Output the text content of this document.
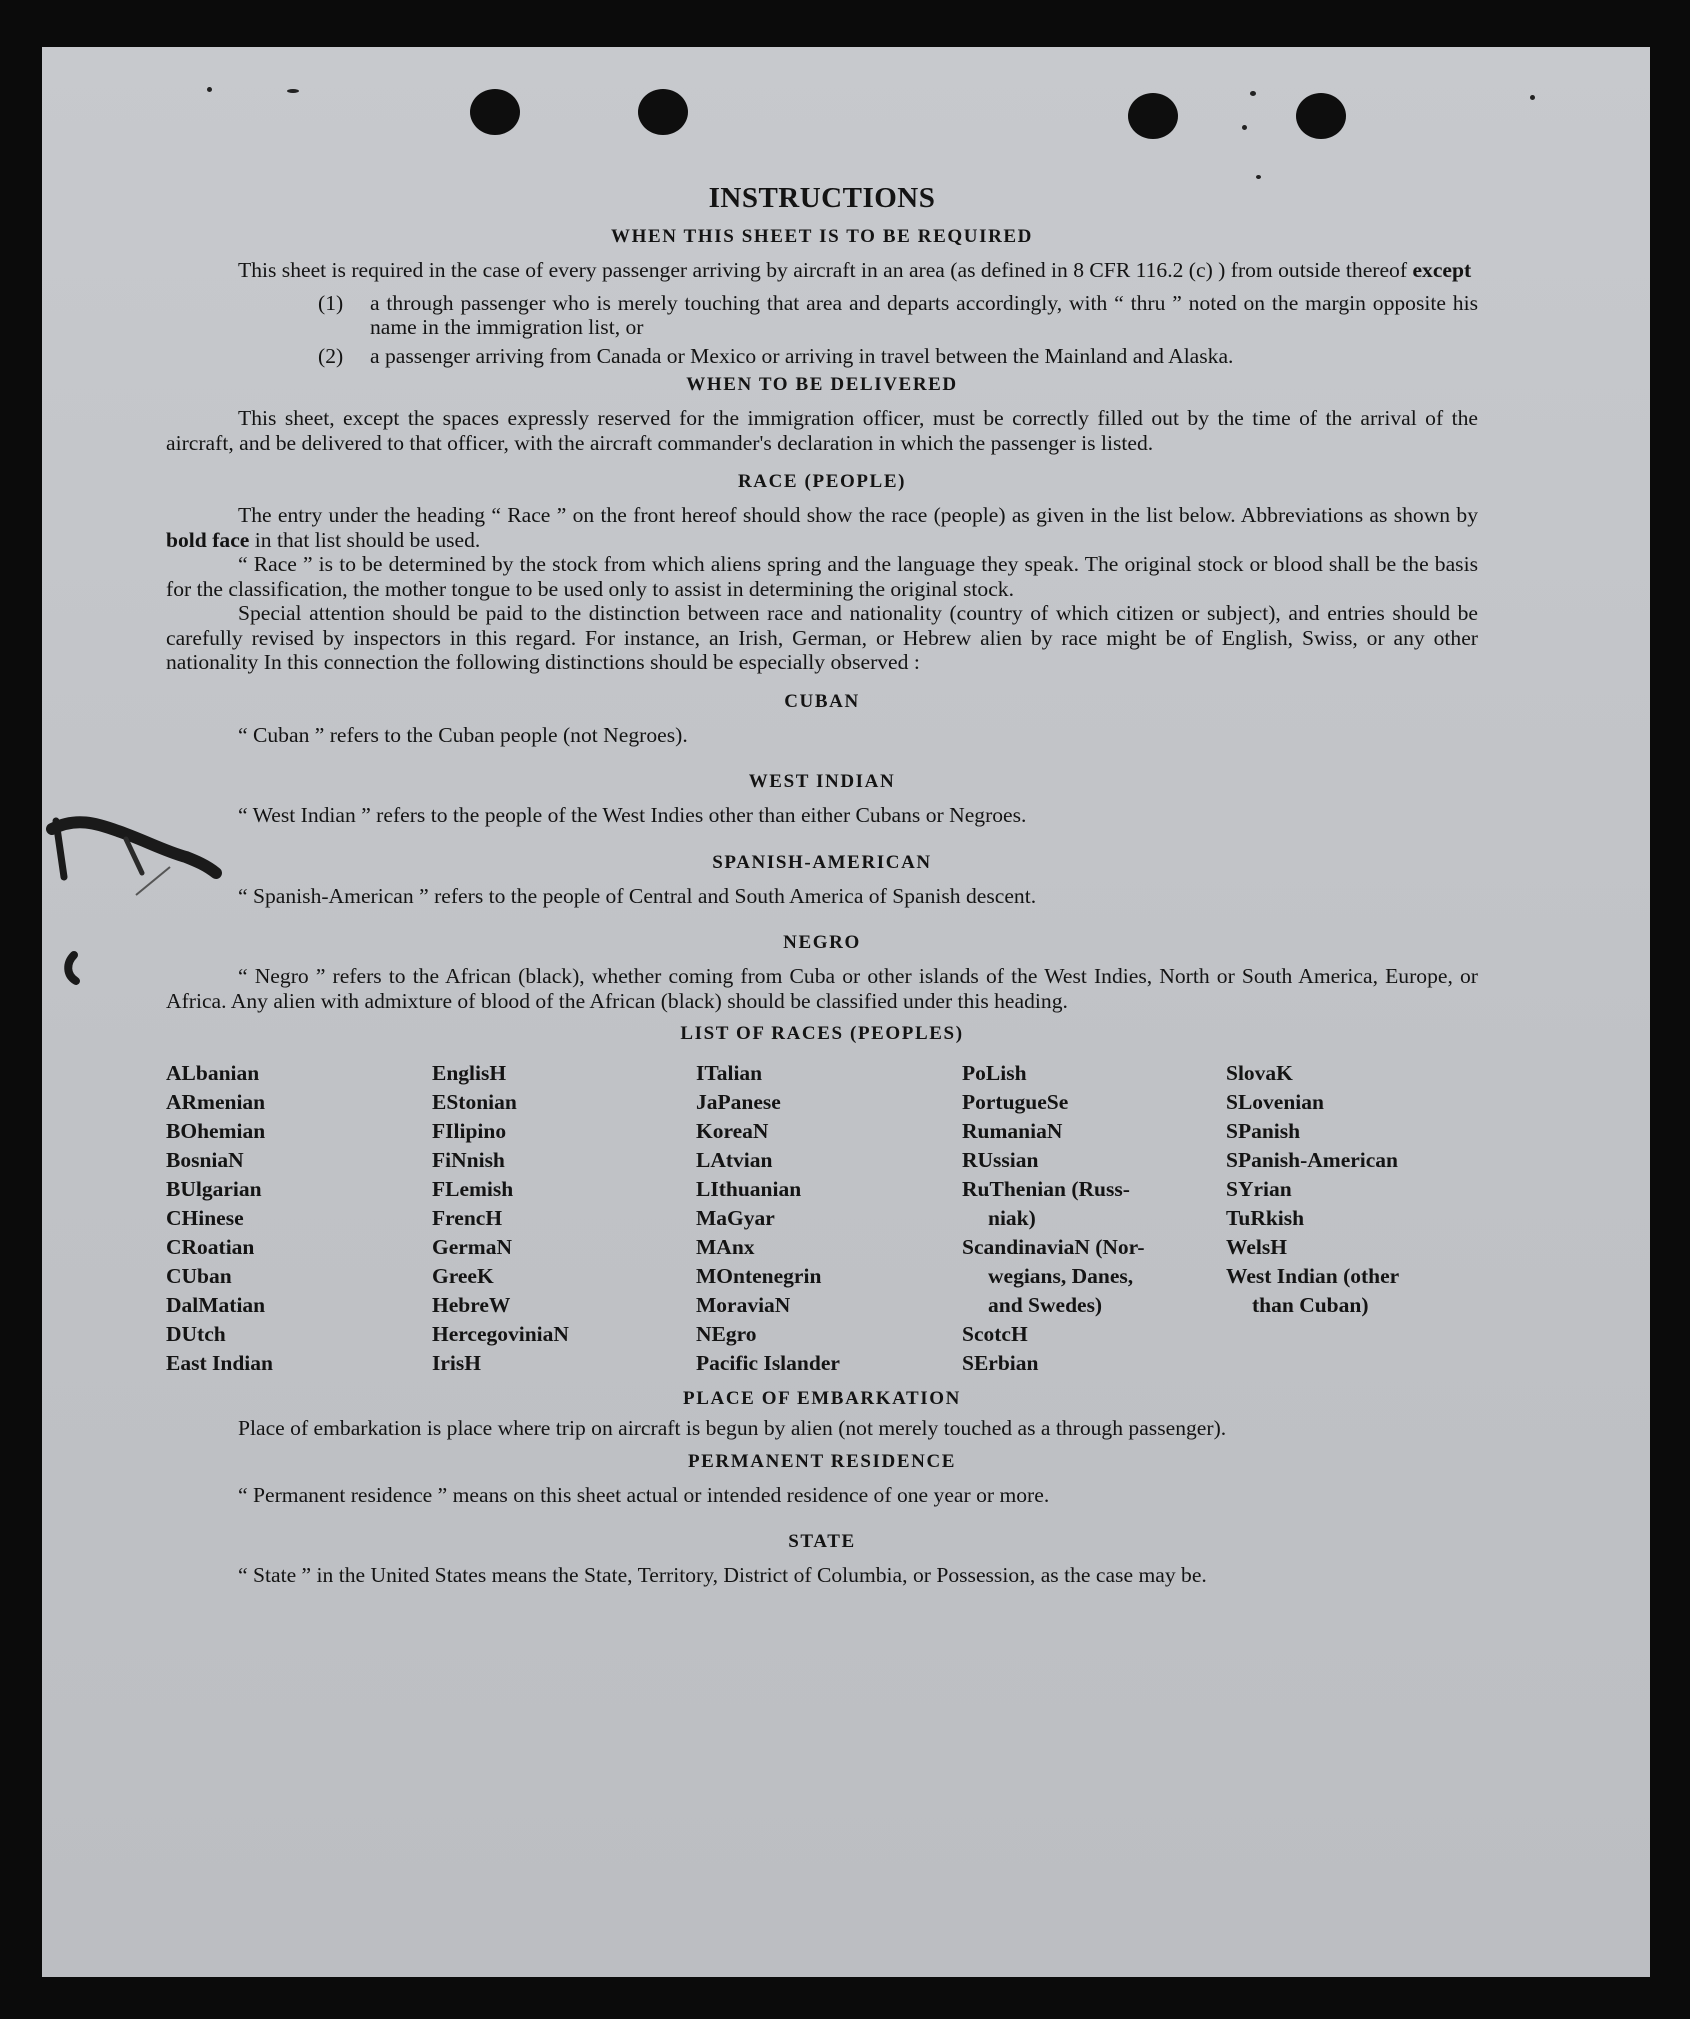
INSTRUCTIONS
WHEN THIS SHEET IS TO BE REQUIRED

This sheet is required in the case of every passenger arriving by aircraft in an area (as defined in 8 CFR 116.2 (c) ) from outside thereof except

(1)	a through passenger who is merely touching that area and departs accordingly, with “ thru ” noted on the margin opposite his name in the immigration list, or
(2)	a passenger arriving from Canada or Mexico or arriving in travel between the Mainland and Alaska.
WHEN TO BE DELIVERED

This sheet, except the spaces expressly reserved for the immigration officer, must be correctly filled out by the time of the arrival of the aircraft, and be delivered to that officer, with the aircraft commander's declaration in which the passenger is listed.

RACE (PEOPLE)

The entry under the heading “ Race ” on the front hereof should show the race (people) as given in the list below. Abbreviations as shown by bold face in that list should be used.

“ Race ” is to be determined by the stock from which aliens spring and the language they speak. The original stock or blood shall be the basis for the classification, the mother tongue to be used only to assist in determining the original stock.

Special attention should be paid to the distinction between race and nationality (country of which citizen or subject), and entries should be carefully revised by inspectors in this regard. For instance, an Irish, German, or Hebrew alien by race might be of English, Swiss, or any other nationality In this connection the following distinctions should be especially observed :

CUBAN

“ Cuban ” refers to the Cuban people (not Negroes).

WEST INDIAN

“ West Indian ” refers to the people of the West Indies other than either Cubans or Negroes.

SPANISH-AMERICAN

“ Spanish-American ” refers to the people of Central and South America of Spanish descent.

NEGRO

“ Negro ” refers to the African (black), whether coming from Cuba or other islands of the West Indies, North or South America, Europe, or Africa. Any alien with admixture of blood of the African (black) should be classified under this heading.

LIST OF RACES (PEOPLES)
ALbanian
ARmenian
BOhemian
BosniaN
BUlgarian
CHinese
CRoatian
CUban
DalMatian
DUtch
East Indian
EnglisH
EStonian
FIlipino
FiNnish
FLemish
FrencH
GermaN
GreeK
HebreW
HercegoviniaN
IrisH
ITalian
JaPanese
KoreaN
LAtvian
LIthuanian
MaGyar
MAnx
MOntenegrin
MoraviaN
NEgro
Pacific Islander
PoLish
PortugueSe
RumaniaN
RUssian
RuThenian (Russ-
niak)
ScandinaviaN (Nor-
wegians, Danes,
and Swedes)
ScotcH
SErbian
SlovaK
SLovenian
SPanish
SPanish-American
SYrian
TuRkish
WelsH
West Indian (other
than Cuban)
PLACE OF EMBARKATION

Place of embarkation is place where trip on aircraft is begun by alien (not merely touched as a through passenger).

PERMANENT RESIDENCE

“ Permanent residence ” means on this sheet actual or intended residence of one year or more.

STATE

“ State ” in the United States means the State, Territory, District of Columbia, or Possession, as the case may be.
